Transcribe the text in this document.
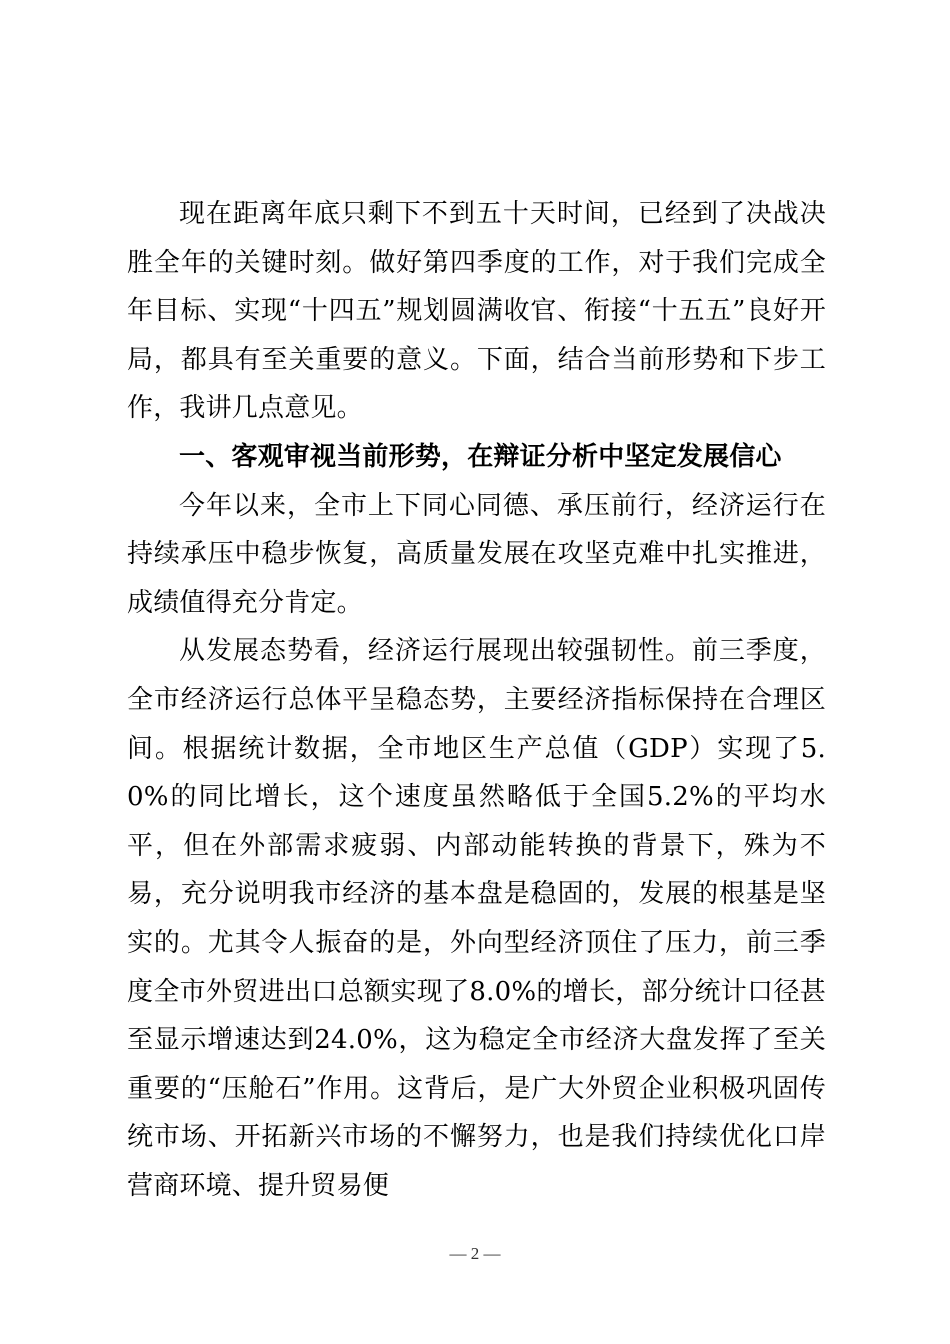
现在距离年底只剩下不到五十天时间，已经到了决战决胜全年的关键时刻。做好第四季度的工作，对于我们完成全年目标、实现“十四五”规划圆满收官、衔接“十五五”良好开局，都具有至关重要的意义。下面，结合当前形势和下步工作，我讲几点意见。

一、客观审视当前形势，在辩证分析中坚定发展信心

今年以来，全市上下同心同德、承压前行，经济运行在持续承压中稳步恢复，高质量发展在攻坚克难中扎实推进，成绩值得充分肯定。

从发展态势看，经济运行展现出较强韧性。前三季度，全市经济运行总体平呈稳态势，主要经济指标保持在合理区间。根据统计数据，全市地区生产总值（GDP）实现了5.0%的同比增长，这个速度虽然略低于全国5.2%的平均水平，但在外部需求疲弱、内部动能转换的背景下，殊为不易，充分说明我市经济的基本盘是稳固的，发展的根基是坚实的。尤其令人振奋的是，外向型经济顶住了压力，前三季度全市外贸进出口总额实现了8.0%的增长，部分统计口径甚至显示增速达到24.0%，这为稳定全市经济大盘发挥了至关重要的“压舱石”作用。这背后，是广大外贸企业积极巩固传统市场、开拓新兴市场的不懈努力，也是我们持续优化口岸营商环境、提升贸易便

— 2 —
